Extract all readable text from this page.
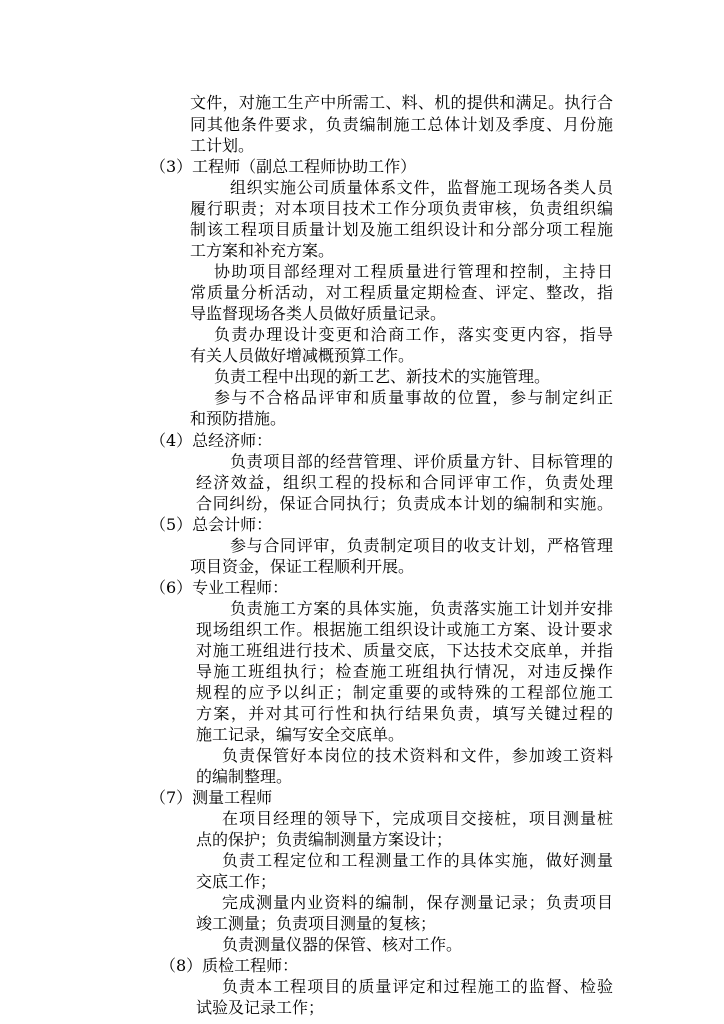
文件，对施工生产中所需工、料、机的提供和满足。执行合
同其他条件要求，负责编制施工总体计划及季度、月份施
工计划。
（3）工程师（副总工程师协助工作）
组织实施公司质量体系文件，监督施工现场各类人员
履行职责；对本项目技术工作分项负责审核，负责组织编
制该工程项目质量计划及施工组织设计和分部分项工程施
工方案和补充方案。
协助项目部经理对工程质量进行管理和控制，主持日
常质量分析活动，对工程质量定期检查、评定、整改，指
导监督现场各类人员做好质量记录。
负责办理设计变更和洽商工作，落实变更内容，指导
有关人员做好增减概预算工作。
负责工程中出现的新工艺、新技术的实施管理。
参与不合格品评审和质量事故的位置，参与制定纠正
和预防措施。
（4）总经济师：
负责项目部的经营管理、评价质量方针、目标管理的
经济效益，组织工程的投标和合同评审工作，负责处理
合同纠纷，保证合同执行；负责成本计划的编制和实施。
（5）总会计师：
参与合同评审，负责制定项目的收支计划，严格管理
项目资金，保证工程顺利开展。
（6）专业工程师：
负责施工方案的具体实施，负责落实施工计划并安排
现场组织工作。根据施工组织设计或施工方案、设计要求
对施工班组进行技术、质量交底，下达技术交底单，并指
导施工班组执行；检查施工班组执行情况，对违反操作
规程的应予以纠正；制定重要的或特殊的工程部位施工
方案，并对其可行性和执行结果负责，填写关键过程的
施工记录，编写安全交底单。
负责保管好本岗位的技术资料和文件，参加竣工资料
的编制整理。
（7）测量工程师
在项目经理的领导下，完成项目交接桩，项目测量桩
点的保护；负责编制测量方案设计；
负责工程定位和工程测量工作的具体实施，做好测量
交底工作；
完成测量内业资料的编制，保存测量记录；负责项目
竣工测量；负责项目测量的复核；
负责测量仪器的保管、核对工作。
（8）质检工程师：
负责本工程项目的质量评定和过程施工的监督、检验
试验及记录工作；
